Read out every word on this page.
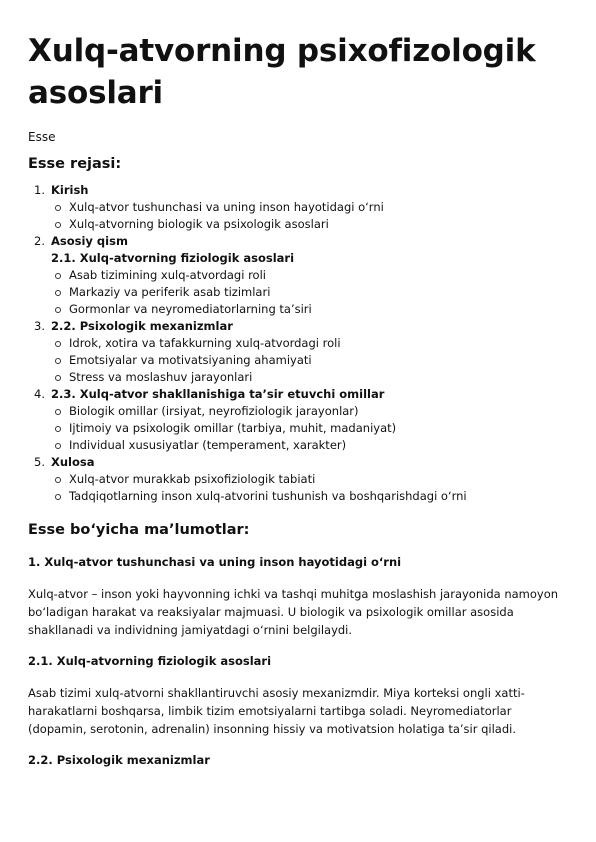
Xulq-atvorning psixofizologik asoslari

Esse

Esse rejasi:
1. Kirish
Xulq-atvor tushunchasi va uning inson hayotidagi o‘rni
Xulq-atvorning biologik va psixologik asoslari
2. Asosiy qism
2.1. Xulq-atvorning fiziologik asoslari
Asab tizimining xulq-atvordagi roli
Markaziy va periferik asab tizimlari
Gormonlar va neyromediatorlarning ta’siri
3. 2.2. Psixologik mexanizmlar
Idrok, xotira va tafakkurning xulq-atvordagi roli
Emotsiyalar va motivatsiyaning ahamiyati
Stress va moslashuv jarayonlari
4. 2.3. Xulq-atvor shakllanishiga ta’sir etuvchi omillar
Biologik omillar (irsiyat, neyrofiziologik jarayonlar)
Ijtimoiy va psixologik omillar (tarbiya, muhit, madaniyat)
Individual xususiyatlar (temperament, xarakter)
5. Xulosa
Xulq-atvor murakkab psixofiziologik tabiati
Tadqiqotlarning inson xulq-atvorini tushunish va boshqarishdagi o‘rni
Esse bo‘yicha ma’lumotlar:
1. Xulq-atvor tushunchasi va uning inson hayotidagi o‘rni

Xulq-atvor – inson yoki hayvonning ichki va tashqi muhitga moslashish jarayonida namoyon bo‘ladigan harakat va reaksiyalar majmuasi. U biologik va psixologik omillar asosida shakllanadi va individning jamiyatdagi o‘rnini belgilaydi.

2.1. Xulq-atvorning fiziologik asoslari

Asab tizimi xulq-atvorni shakllantiruvchi asosiy mexanizmdir. Miya korteksi ongli xatti-harakatlarni boshqarsa, limbik tizim emotsiyalarni tartibga soladi. Neyromediatorlar (dopamin, serotonin, adrenalin) insonning hissiy va motivatsion holatiga ta’sir qiladi.

2.2. Psixologik mexanizmlar
